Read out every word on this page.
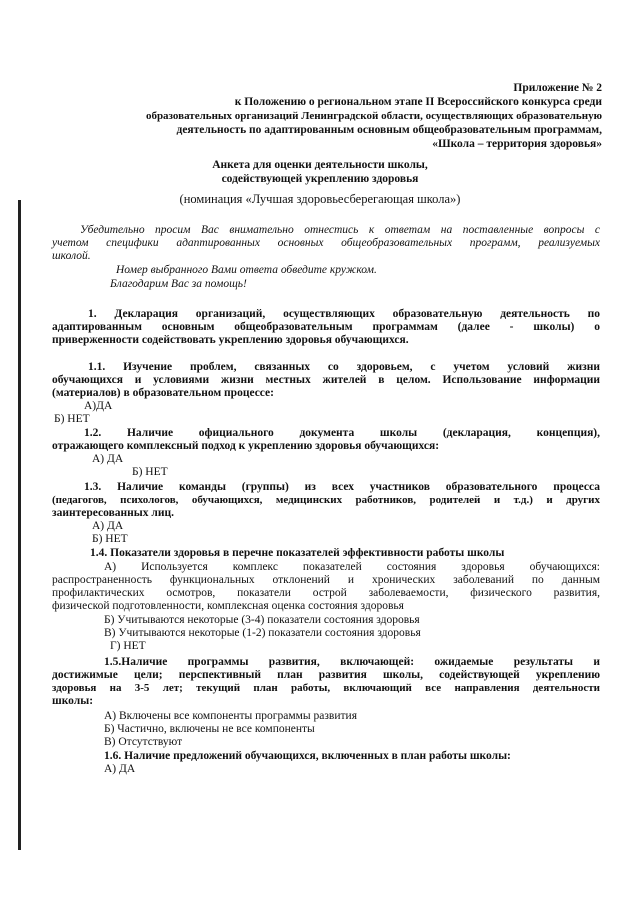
Приложение № 2
к Положению о региональном этапе II Всероссийского конкурса среди
образовательных организаций Ленинградской области, осуществляющих образовательную
деятельность по адаптированным основным общеобразовательным программам,
«Школа – территория здоровья»
Анкета для оценки деятельности школы,
содействующей укреплению здоровья
(номинация «Лучшая здоровьесберегающая школа»)
Убедительно просим Вас внимательно отнестись к ответам на поставленные вопросы с
учетом специфики адаптированных основных общеобразовательных программ, реализуемых
школой.
Номер выбранного Вами ответа обведите кружком.
Благодарим Вас за помощь!
1. Декларация организаций, осуществляющих образовательную деятельность по
адаптированным основным общеобразовательным программам (далее - школы) о
приверженности содействовать укреплению здоровья обучающихся.
1.1. Изучение проблем, связанных со здоровьем, с учетом условий жизни
обучающихся и условиями жизни местных жителей в целом. Использование информации
(материалов) в образовательном процессе:
А)ДА
Б) НЕТ
1.2. Наличие официального документа школы (декларация, концепция),
отражающего комплексный подход к укреплению здоровья обучающихся:
А) ДА
Б) НЕТ
1.3. Наличие команды (группы) из всех участников образовательного процесса
(педагогов, психологов, обучающихся, медицинских работников, родителей и т.д.) и других
заинтересованных лиц.
А) ДА
Б) НЕТ
1.4. Показатели здоровья в перечне показателей эффективности работы школы
А) Используется комплекс показателей состояния здоровья обучающихся:
распространенность функциональных отклонений и хронических заболеваний по данным
профилактических осмотров, показатели острой заболеваемости, физического развития,
физической подготовленности, комплексная оценка состояния здоровья
Б) Учитываются некоторые (3-4) показатели состояния здоровья
В) Учитываются некоторые (1-2) показатели состояния здоровья
Г) НЕТ
1.5.Наличие программы развития, включающей: ожидаемые результаты и
достижимые цели; перспективный план развития школы, содействующей укреплению
здоровья на 3-5 лет; текущий план работы, включающий все направления деятельности
школы:
А) Включены все компоненты программы развития
Б) Частично, включены не все компоненты
В) Отсутствуют
1.6. Наличие предложений обучающихся, включенных в план работы школы:
А) ДА
